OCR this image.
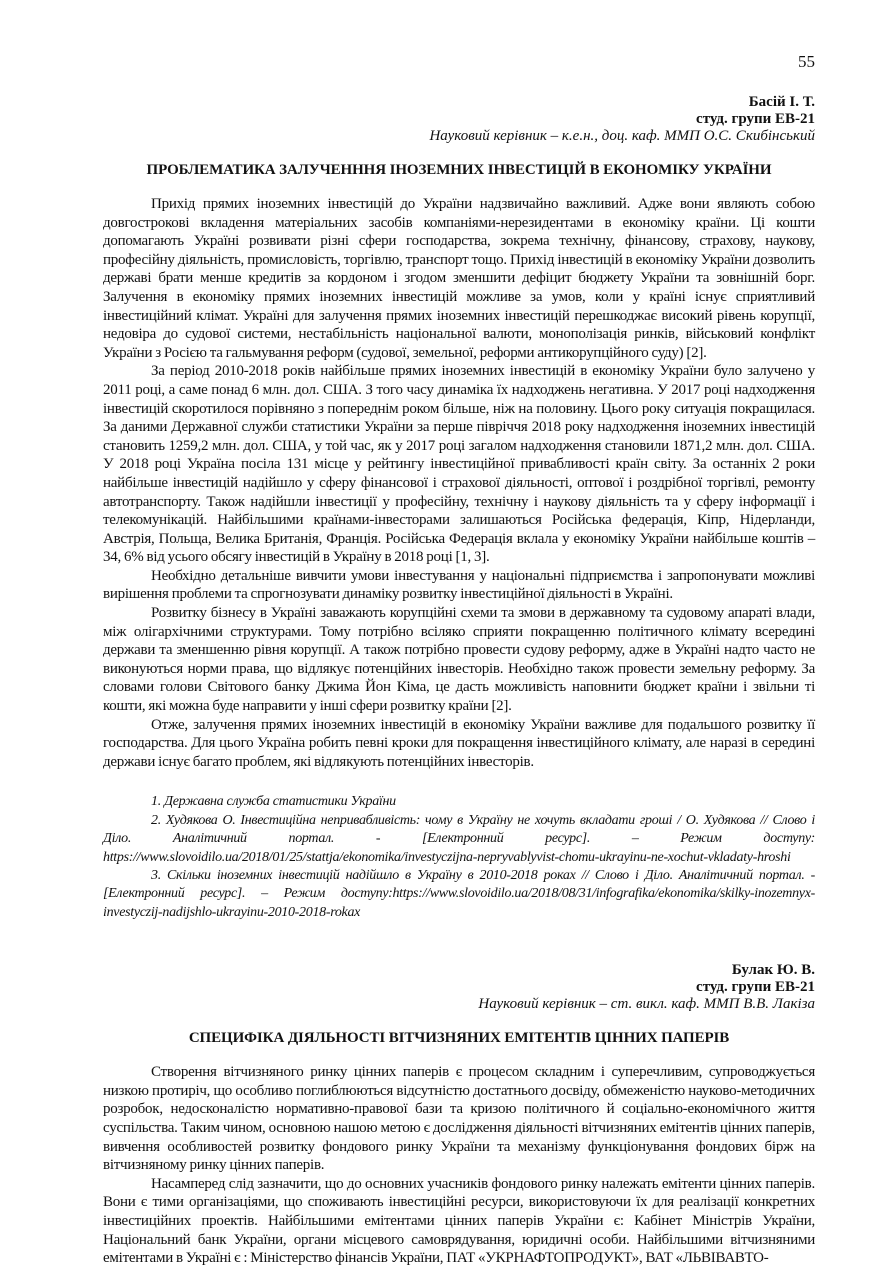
55
Басій І. Т.
студ. групи ЕВ-21
Науковий керівник – к.е.н., доц. каф. ММП О.С. Скибінський
ПРОБЛЕМАТИКА ЗАЛУЧЕНННЯ ІНОЗЕМНИХ ІНВЕСТИЦІЙ В ЕКОНОМІКУ УКРАЇНИ

Прихід прямих іноземних інвестицій до України надзвичайно важливий. Адже вони являють собою довгострокові вкладення матеріальних засобів компаніями-нерезидентами в економіку країни. Ці кошти допомагають Україні розвивати різні сфери господарства, зокрема технічну, фінансову, страхову, наукову, професійну діяльність, промисловість, торгівлю, транспорт тощо. Прихід інвестицій в економіку України дозволить державі брати менше кредитів за кордоном і згодом зменшити дефіцит бюджету України та зовнішній борг. Залучення в економіку прямих іноземних інвестицій можливе за умов, коли у країні існує сприятливий інвестиційний клімат. Україні для залучення прямих іноземних інвестицій перешкоджає високий рівень корупції, недовіра до судової системи, нестабільність національної валюти, монополізація ринків, військовий конфлікт України з Росією та гальмування реформ (судової, земельної, реформи антикорупційного суду) [2].

За період 2010-2018 років найбільше прямих іноземних інвестицій в економіку України було залучено у 2011 році, а саме понад 6 млн. дол. США. З того часу динаміка їх надходжень негативна. У 2017 році надходження інвестицій скоротилося порівняно з попереднім роком більше, ніж на половину. Цього року ситуація покращилася. За даними Державної служби статистики України за перше півріччя 2018 року надходження іноземних інвестицій становить 1259,2 млн. дол. США, у той час, як у 2017 році загалом надходження становили 1871,2 млн. дол. США. У 2018 році Україна посіла 131 місце у рейтингу інвестиційної привабливості країн світу. За останніх 2 роки найбільше інвестицій надійшло у сферу фінансової і страхової діяльності, оптової і роздрібної торгівлі, ремонту автотранспорту. Також надійшли інвестиції у професійну, технічну і наукову діяльність та у сферу інформації і телекомунікацій. Найбільшими країнами-інвесторами залишаються Російська федерація, Кіпр, Нідерланди, Австрія, Польща, Велика Британія, Франція. Російська Федерація вклала у економіку України найбільше коштів – 34, 6% від усього обсягу інвестицій в Україну в 2018 році [1, 3].

Необхідно детальніше вивчити умови інвестування у національні підприємства і запропонувати можливі вирішення проблеми та спрогнозувати динаміку розвитку інвестиційної діяльності в Україні.

Розвитку бізнесу в Україні заважають корупційні схеми та змови в державному та судовому апараті влади, між олігархічними структурами. Тому потрібно всіляко сприяти покращенню політичного клімату всередині держави та зменшенню рівня корупції. А також потрібно провести судову реформу, адже в Україні надто часто не виконуються норми права, що відлякує потенційних інвесторів. Необхідно також провести земельну реформу. За словами голови Світового банку Джима Йон Кіма, це дасть можливість наповнити бюджет країни і звільни ті кошти, які можна буде направити у інші сфери розвитку країни [2].

Отже, залучення прямих іноземних інвестицій в економіку України важливе для подальшого розвитку її господарства. Для цього Україна робить певні кроки для покращення інвестиційного клімату, але наразі в середині держави існує багато проблем, які відлякують потенційних інвесторів.

1. Державна служба статистики України

2. Худякова О. Інвестиційна непривабливість: чому в Україну не хочуть вкладати гроші / О. Худякова // Слово і Діло. Аналітичний портал. - [Електронний ресурс]. – Режим доступу: https://www.slovoidilo.ua/2018/01/25/stattja/ekonomika/investyczijna-nepryvablyvist-chomu-ukrayinu-ne-xochut-vkladaty-hroshi

3. Скільки іноземних інвестицій надійшло в Україну в 2010-2018 роках // Слово і Діло. Аналітичний портал. - [Електронний ресурс]. – Режим доступу:https://www.slovoidilo.ua/2018/08/31/infografika/ekonomika/skilky-inozemnyx-investyczij-nadijshlo-ukrayinu-2010-2018-rokax

Булак Ю. В.
студ. групи ЕВ-21
Науковий керівник – ст. викл. каф. ММП В.В. Лакіза
СПЕЦИФІКА ДІЯЛЬНОСТІ ВІТЧИЗНЯНИХ ЕМІТЕНТІВ ЦІННИХ ПАПЕРІВ

Створення вітчизняного ринку цінних паперів є процесом складним і суперечливим, супроводжується низкою протиріч, що особливо поглиблюються відсутністю достатнього досвіду, обмеженістю науково-методичних розробок, недосконалістю нормативно-правової бази та кризою політичного й соціально-економічного життя суспільства. Таким чином, основною нашою метою є дослідження діяльності вітчизняних емітентів цінних паперів, вивчення особливостей розвитку фондового ринку України та механізму функціонування фондових бірж на вітчизняному ринку цінних паперів.

Насамперед слід зазначити, що до основних учасників фондового ринку належать емітенти цінних паперів. Вони є тими організаціями, що споживають інвестиційні ресурси, використовуючи їх для реалізації конкретних інвестиційних проектів. Найбільшими емітентами цінних паперів України є: Кабінет Міністрів України, Національний банк України, органи місцевого самоврядування, юридичні особи. Найбільшими вітчизняними емітентами в Україні є : Міністерство фінансів України, ПАТ «УКРНАФТОПРОДУКТ», ВАТ «ЛЬВІВАВТО-
